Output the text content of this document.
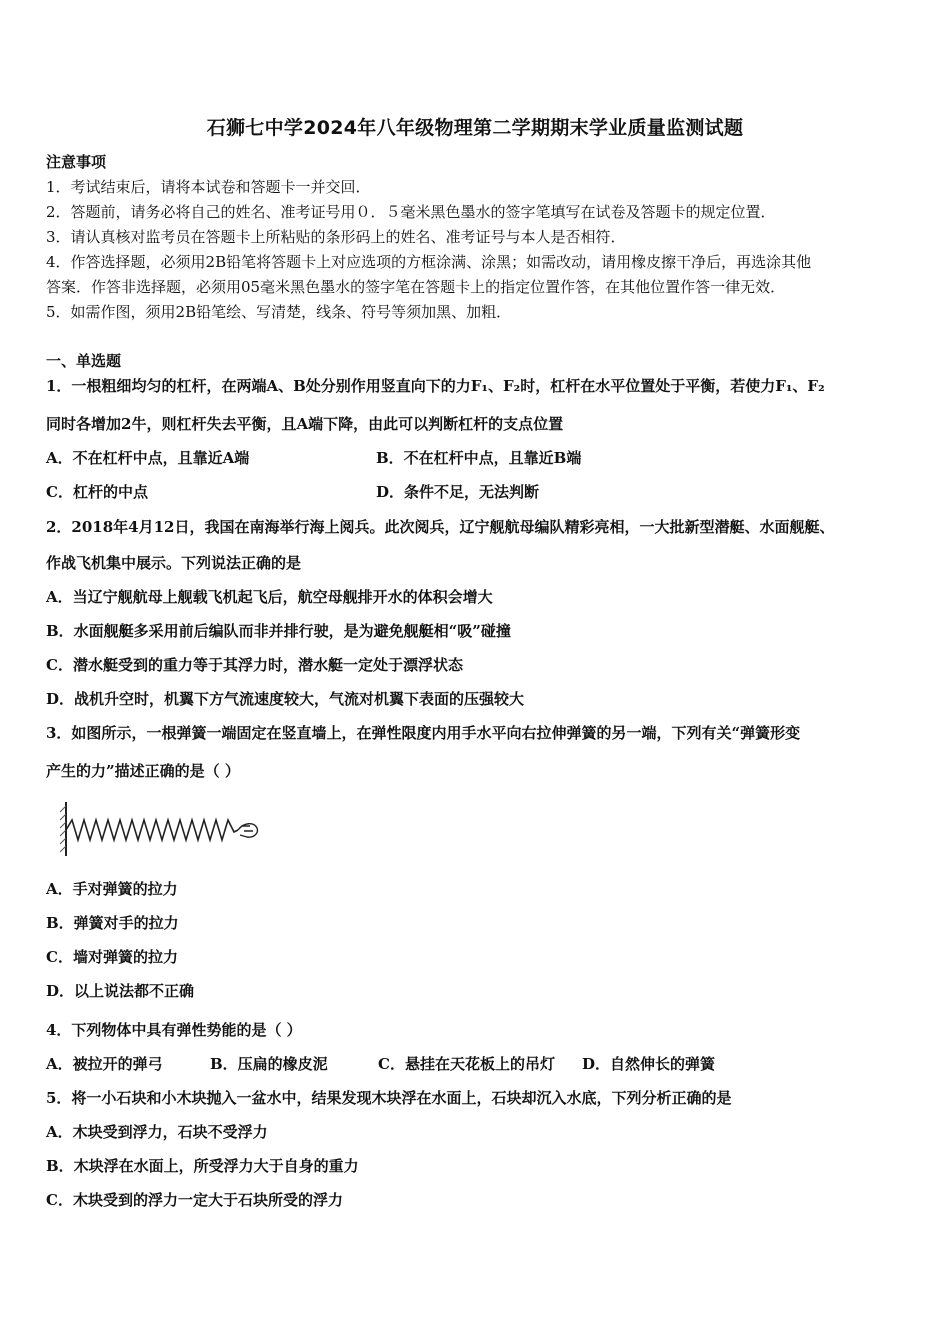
石狮七中学2024年八年级物理第二学期期末学业质量监测试题
注意事项
1．考试结束后，请将本试卷和答题卡一并交回．
2．答题前，请务必将自己的姓名、准考证号用０．５毫米黑色墨水的签字笔填写在试卷及答题卡的规定位置．
3．请认真核对监考员在答题卡上所粘贴的条形码上的姓名、准考证号与本人是否相符．
4．作答选择题，必须用2B铅笔将答题卡上对应选项的方框涂满、涂黑；如需改动，请用橡皮擦干净后，再选涂其他
答案．作答非选择题，必须用05毫米黑色墨水的签字笔在答题卡上的指定位置作答，在其他位置作答一律无效．
5．如需作图，须用2B铅笔绘、写清楚，线条、符号等须加黑、加粗．
一、单选题
1．一根粗细均匀的杠杆，在两端A、B处分别作用竖直向下的力F₁、F₂时，杠杆在水平位置处于平衡，若使力F₁、F₂
同时各增加2牛，则杠杆失去平衡，且A端下降，由此可以判断杠杆的支点位置
A．不在杠杆中点，且靠近A端	B．不在杠杆中点，且靠近B端
C．杠杆的中点	D．条件不足，无法判断
2．2018年4月12日，我国在南海举行海上阅兵。此次阅兵，辽宁舰航母编队精彩亮相，一大批新型潜艇、水面舰艇、
作战飞机集中展示。下列说法正确的是
A．当辽宁舰航母上舰载飞机起飞后，航空母舰排开水的体积会增大
B．水面舰艇多采用前后编队而非并排行驶，是为避免舰艇相“吸”碰撞
C．潜水艇受到的重力等于其浮力时，潜水艇一定处于漂浮状态
D．战机升空时，机翼下方气流速度较大，气流对机翼下表面的压强较大
3．如图所示，一根弹簧一端固定在竖直墙上，在弹性限度内用手水平向右拉伸弹簧的另一端，下列有关“弹簧形变
产生的力”描述正确的是（ ）
A．手对弹簧的拉力
B．弹簧对手的拉力
C．墙对弹簧的拉力
D．以上说法都不正确
4．下列物体中具有弹性势能的是（ ）
A．被拉开的弹弓	B．压扁的橡皮泥	C．悬挂在天花板上的吊灯 D．自然伸长的弹簧
5．将一小石块和小木块抛入一盆水中，结果发现木块浮在水面上，石块却沉入水底，下列分析正确的是
A．木块受到浮力，石块不受浮力
B．木块浮在水面上，所受浮力大于自身的重力
C．木块受到的浮力一定大于石块所受的浮力
